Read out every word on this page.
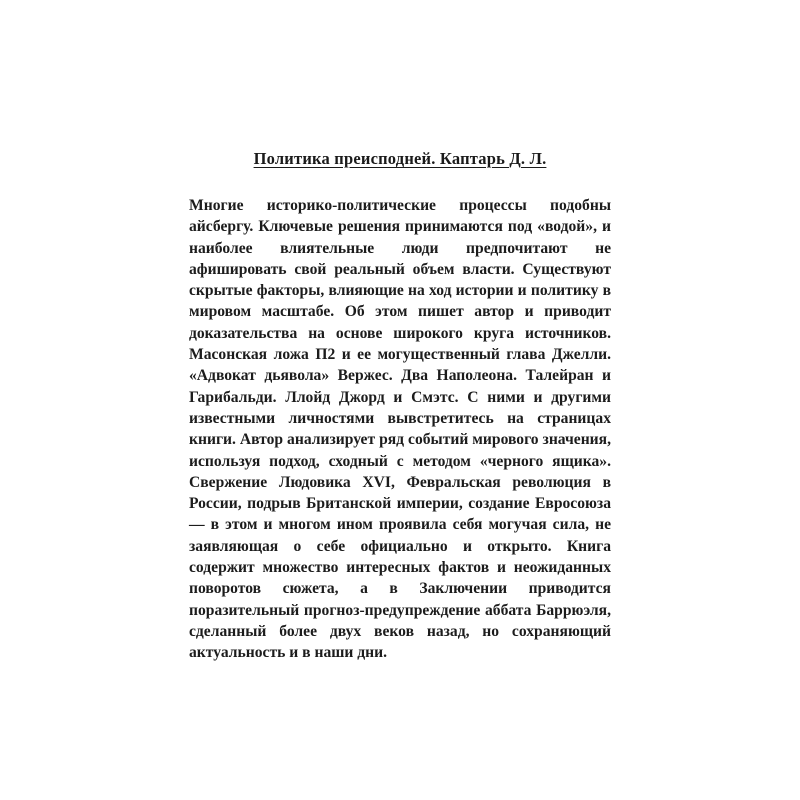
Политика преисподней. Каптарь Д. Л.

Многие историко-политические процессы подобны айсбергу. Ключевые решения принимаются под «водой», и наиболее влиятельные люди предпочитают не афишировать свой реальный объем власти. Существуют скрытые факторы, влияющие на ход истории и политику в мировом масштабе. Об этом пишет автор и приводит доказательства на основе широкого круга источников. Масонская ложа П2 и ее могущественный глава Джелли. «Адвокат дьявола» Вержес. Два Наполеона. Талейран и Гарибальди. Ллойд Джорд и Смэтс. С ними и другими известными личностями вывстретитесь на страницах книги. Автор анализирует ряд событий мирового значения, используя подход, сходный с методом «черного ящика». Свержение Людовика XVI, Февральская революция в России, подрыв Британской империи, создание Евросоюза — в этом и многом ином проявила себя могучая сила, не заявляющая о себе официально и открыто. Книга содержит множество интересных фактов и неожиданных поворотов сюжета, а в Заключении приводится поразительный прогноз-предупреждение аббата Баррюэля, сделанный более двух веков назад, но сохраняющий актуальность и в наши дни.
